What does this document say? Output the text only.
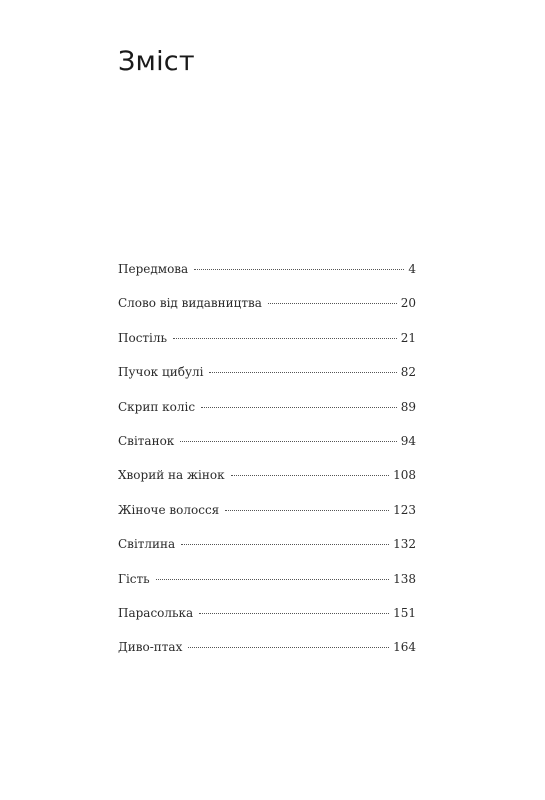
Зміст
Передмова	4
Слово від видавництва	20
Постіль	21
Пучок цибулі	82
Скрип коліс	89
Світанок	94
Хворий на жінок	108
Жіноче волосся	123
Світлина	132
Гість	138
Парасолька	151
Диво-птах	164
